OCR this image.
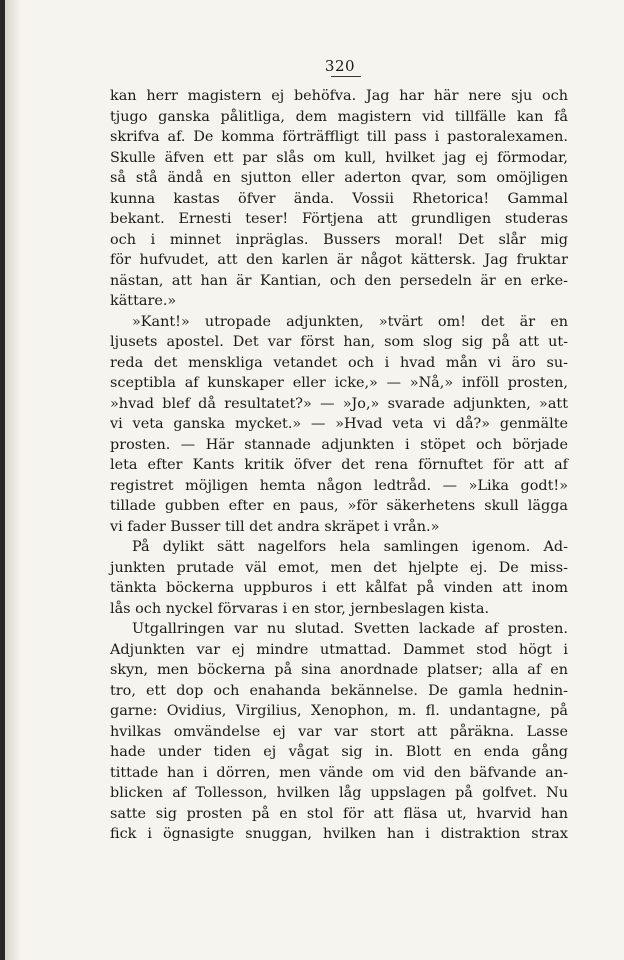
320
kan herr magistern ej behöfva. Jag har här nere sju och
tjugo ganska pålitliga, dem magistern vid tillfälle kan få
skrifva af. De komma förträffligt till pass i pastoralexamen.
Skulle äfven ett par slås om kull, hvilket jag ej förmodar,
så stå ändå en sjutton eller aderton qvar, som omöjligen
kunna kastas öfver ända. Vossii Rhetorica! Gammal
bekant. Ernesti teser! Förtjena att grundligen studeras
och i minnet inpräglas. Bussers moral! Det slår mig
för hufvudet, att den karlen är något kättersk. Jag fruktar
nästan, att han är Kantian, och den persedeln är en erke-
kättare.»
»Kant!» utropade adjunkten, »tvärt om! det är en
ljusets apostel. Det var först han, som slog sig på att ut-
reda det menskliga vetandet och i hvad mån vi äro su-
sceptibla af kunskaper eller icke,» — »Nå,» inföll prosten,
»hvad blef då resultatet?» — »Jo,» svarade adjunkten, »att
vi veta ganska mycket.» — »Hvad veta vi då?» genmälte
prosten. — Här stannade adjunkten i stöpet och började
leta efter Kants kritik öfver det rena förnuftet för att af
registret möjligen hemta någon ledtråd. — »Lika godt!»
tillade gubben efter en paus, »för säkerhetens skull lägga
vi fader Busser till det andra skräpet i vrån.»
På dylikt sätt nagelfors hela samlingen igenom. Ad-
junkten prutade väl emot, men det hjelpte ej. De miss-
tänkta böckerna uppburos i ett kålfat på vinden att inom
lås och nyckel förvaras i en stor, jernbeslagen kista.
Utgallringen var nu slutad. Svetten lackade af prosten.
Adjunkten var ej mindre utmattad. Dammet stod högt i
skyn, men böckerna på sina anordnade platser; alla af en
tro, ett dop och enahanda bekännelse. De gamla hednin-
garne: Ovidius, Virgilius, Xenophon, m. fl. undantagne, på
hvilkas omvändelse ej var var stort att påräkna. Lasse
hade under tiden ej vågat sig in. Blott en enda gång
tittade han i dörren, men vände om vid den bäfvande an-
blicken af Tollesson, hvilken låg uppslagen på golfvet. Nu
satte sig prosten på en stol för att fläsa ut, hvarvid han
fick i ögnasigte snuggan, hvilken han i distraktion strax
